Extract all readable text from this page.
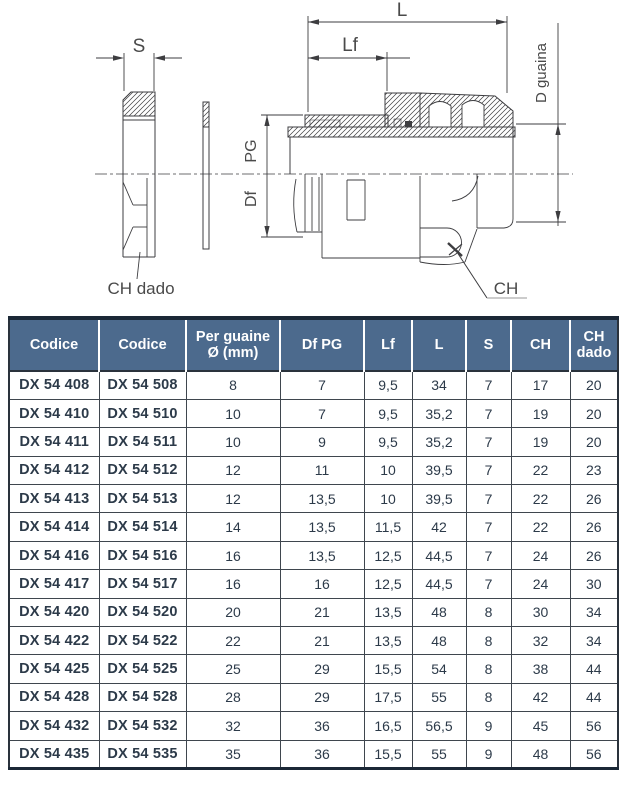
S
CH dado
L
Lf
PG
Df
D guaina
CH
Codice	Codice	Per guaine Ø (mm)	Df PG	Lf	L	S	CH	CH dado
DX 54 408	DX 54 508	8	7	9,5	34	7	17	20
DX 54 410	DX 54 510	10	7	9,5	35,2	7	19	20
DX 54 411	DX 54 511	10	9	9,5	35,2	7	19	20
DX 54 412	DX 54 512	12	11	10	39,5	7	22	23
DX 54 413	DX 54 513	12	13,5	10	39,5	7	22	26
DX 54 414	DX 54 514	14	13,5	11,5	42	7	22	26
DX 54 416	DX 54 516	16	13,5	12,5	44,5	7	24	26
DX 54 417	DX 54 517	16	16	12,5	44,5	7	24	30
DX 54 420	DX 54 520	20	21	13,5	48	8	30	34
DX 54 422	DX 54 522	22	21	13,5	48	8	32	34
DX 54 425	DX 54 525	25	29	15,5	54	8	38	44
DX 54 428	DX 54 528	28	29	17,5	55	8	42	44
DX 54 432	DX 54 532	32	36	16,5	56,5	9	45	56
DX 54 435	DX 54 535	35	36	15,5	55	9	48	56
